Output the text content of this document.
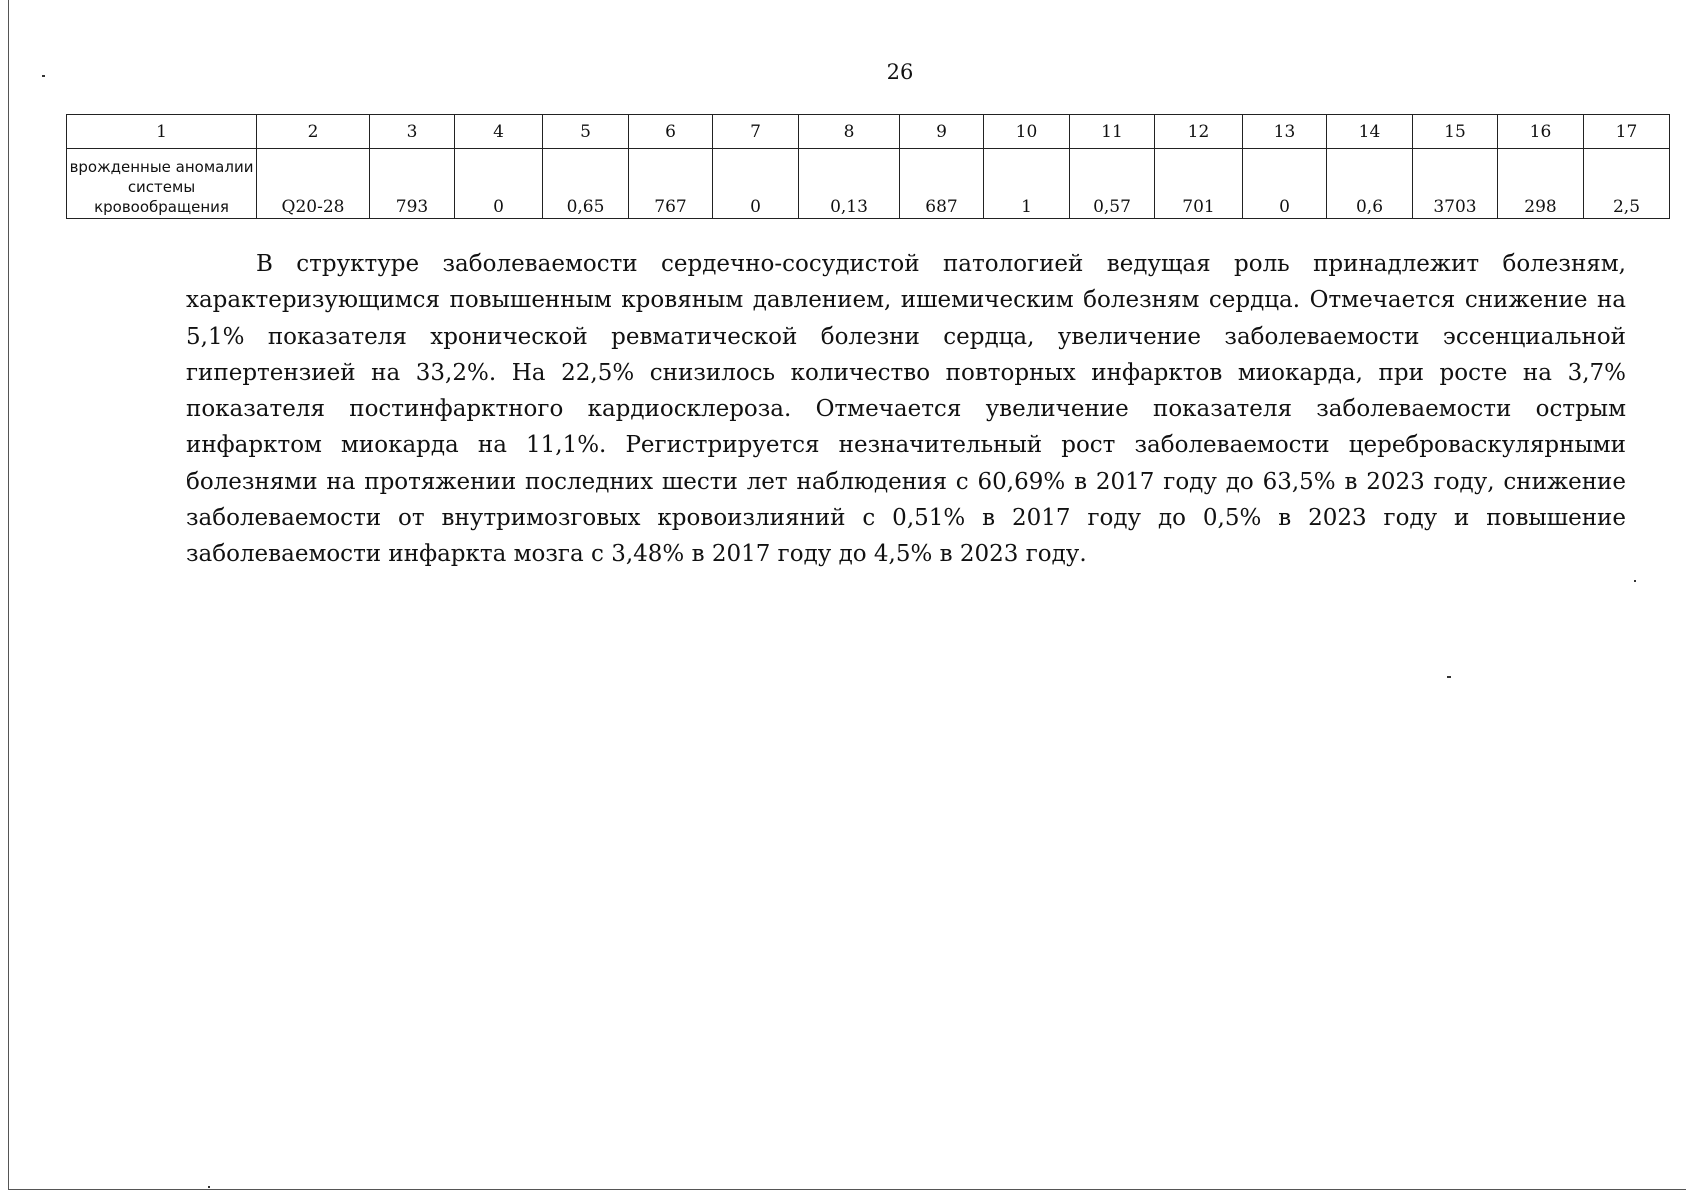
26
1	2	3	4	5	6	7	8	9	10	11	12	13	14	15	16	17
врожденные аномалии системы кровообращения	Q20-28	793	0	0,65	767	0	0,13	687	1	0,57	701	0	0,6	3703	298	2,5

В структуре заболеваемости сердечно-сосудистой патологией ведущая роль принадлежит болезням, характеризующимся повышенным кровяным давлением, ишемическим болезням сердца. Отмечается снижение на 5,1% показателя хронической ревматической болезни сердца, увеличение заболеваемости эссенциальной гипертензией на 33,2%. На 22,5% снизилось количество повторных инфарктов миокарда, при росте на 3,7% показателя постинфарктного кардиосклероза. Отмечается увеличение показателя заболеваемости острым инфарктом миокарда на 11,1%. Регистрируется незначительный рост заболеваемости цереброваскулярными болезнями на протяжении последних шести лет наблюдения с 60,69% в 2017 году до 63,5% в 2023 году, снижение заболеваемости от внутримозговых кровоизлияний с 0,51% в 2017 году до 0,5% в 2023 году и повышение заболеваемости инфаркта мозга с 3,48% в 2017 году до 4,5% в 2023 году.
